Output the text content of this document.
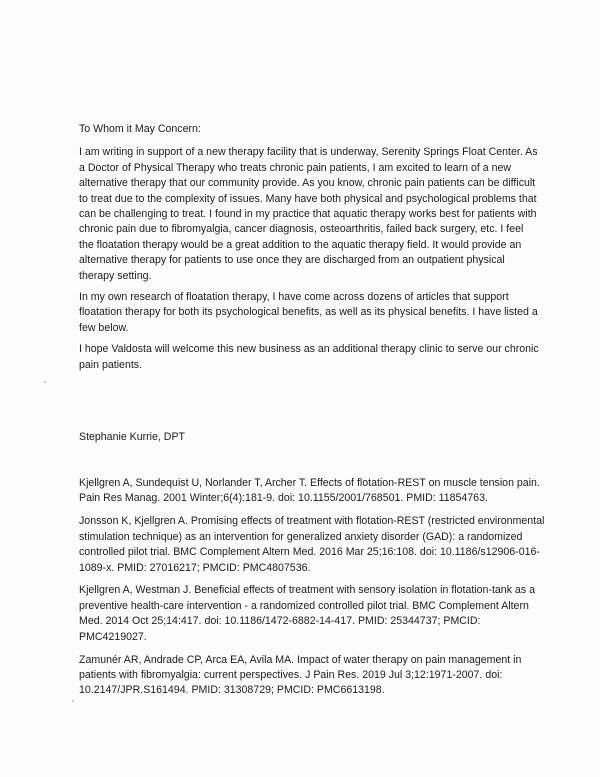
To Whom it May Concern:

I am writing in support of a new therapy facility that is underway, Serenity Springs Float Center. As a Doctor of Physical Therapy who treats chronic pain patients, I am excited to learn of a new alternative therapy that our community provide. As you know, chronic pain patients can be difficult to treat due to the complexity of issues. Many have both physical and psychological problems that can be challenging to treat. I found in my practice that aquatic therapy works best for patients with chronic pain due to fibromyalgia, cancer diagnosis, osteoarthritis, failed back surgery, etc. I feel the floatation therapy would be a great addition to the aquatic therapy field. It would provide an alternative therapy for patients to use once they are discharged from an outpatient physical therapy setting.

In my own research of floatation therapy, I have come across dozens of articles that support floatation therapy for both its psychological benefits, as well as its physical benefits. I have listed a few below.

I hope Valdosta will welcome this new business as an additional therapy clinic to serve our chronic pain patients.

Stephanie Kurrie, DPT

Kjellgren A, Sundequist U, Norlander T, Archer T. Effects of flotation-REST on muscle tension pain. Pain Res Manag. 2001 Winter;6(4):181-9. doi: 10.1155/2001/768501. PMID: 11854763.

Jonsson K, Kjellgren A. Promising effects of treatment with flotation-REST (restricted environmental stimulation technique) as an intervention for generalized anxiety disorder (GAD): a randomized controlled pilot trial. BMC Complement Altern Med. 2016 Mar 25;16:108. doi: 10.1186/s12906-016-1089-x. PMID: 27016217; PMCID: PMC4807536.

Kjellgren A, Westman J. Beneficial effects of treatment with sensory isolation in flotation-tank as a preventive health-care intervention - a randomized controlled pilot trial. BMC Complement Altern Med. 2014 Oct 25;14:417. doi: 10.1186/1472-6882-14-417. PMID: 25344737; PMCID: PMC4219027.

Zamunér AR, Andrade CP, Arca EA, Avila MA. Impact of water therapy on pain management in patients with fibromyalgia: current perspectives. J Pain Res. 2019 Jul 3;12:1971-2007. doi: 10.2147/JPR.S161494. PMID: 31308729; PMCID: PMC6613198.
